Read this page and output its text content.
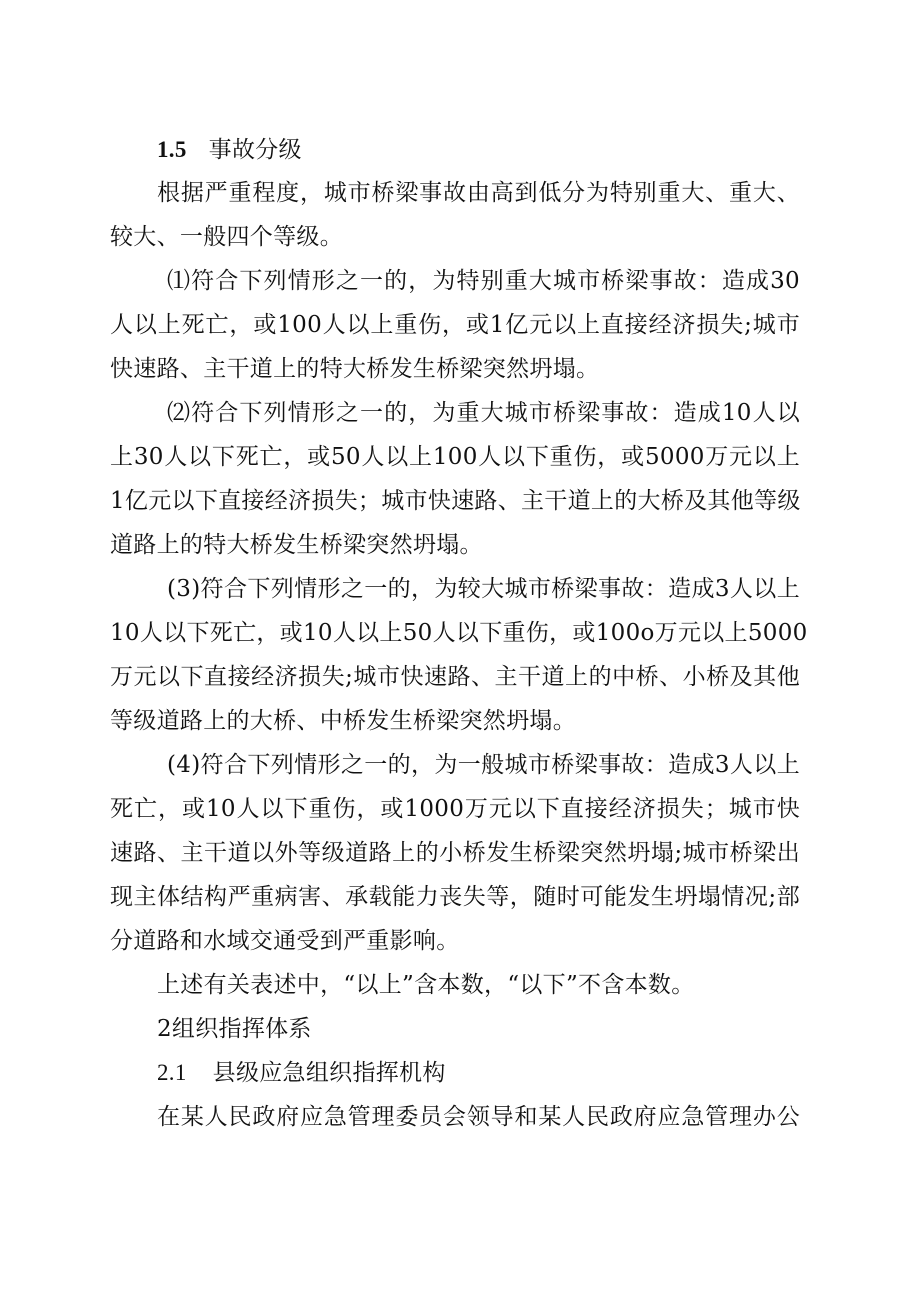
1.5 事故分级
根据严重程度，城市桥梁事故由高到低分为特别重大、重大、
较大、一般四个等级。
⑴符合下列情形之一的，为特别重大城市桥梁事故：造成30
人以上死亡，或100人以上重伤，或1亿元以上直接经济损失;城市
快速路、主干道上的特大桥发生桥梁突然坍塌。
⑵符合下列情形之一的，为重大城市桥梁事故：造成10人以
上30人以下死亡，或50人以上100人以下重伤，或5000万元以上
1亿元以下直接经济损失；城市快速路、主干道上的大桥及其他等级
道路上的特大桥发生桥梁突然坍塌。
(3)符合下列情形之一的，为较大城市桥梁事故：造成3人以上
10人以下死亡，或10人以上50人以下重伤，或100o万元以上5000
万元以下直接经济损失;城市快速路、主干道上的中桥、小桥及其他
等级道路上的大桥、中桥发生桥梁突然坍塌。
(4)符合下列情形之一的，为一般城市桥梁事故：造成3人以上
死亡，或10人以下重伤，或1000万元以下直接经济损失；城市快
速路、主干道以外等级道路上的小桥发生桥梁突然坍塌;城市桥梁出
现主体结构严重病害、承载能力丧失等，随时可能发生坍塌情况;部
分道路和水域交通受到严重影响。
上述有关表述中，“以上”含本数，“以下”不含本数。
2组织指挥体系
2.1 县级应急组织指挥机构
在某人民政府应急管理委员会领导和某人民政府应急管理办公
